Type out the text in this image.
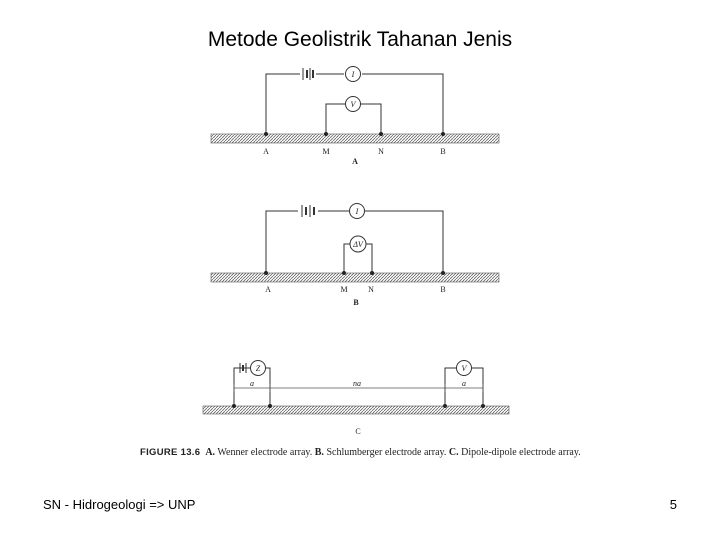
Metode Geolistrik Tahanan Jenis
I
V
A	M	N	B
A
I
ΔV
A	M	N	B
B
Z	V
a	na	a
C
FIGURE 13.6 A. Wenner electrode array. B. Schlumberger electrode array. C. Dipole-dipole electrode array.
SN - Hidrogeologi => UNP	5
